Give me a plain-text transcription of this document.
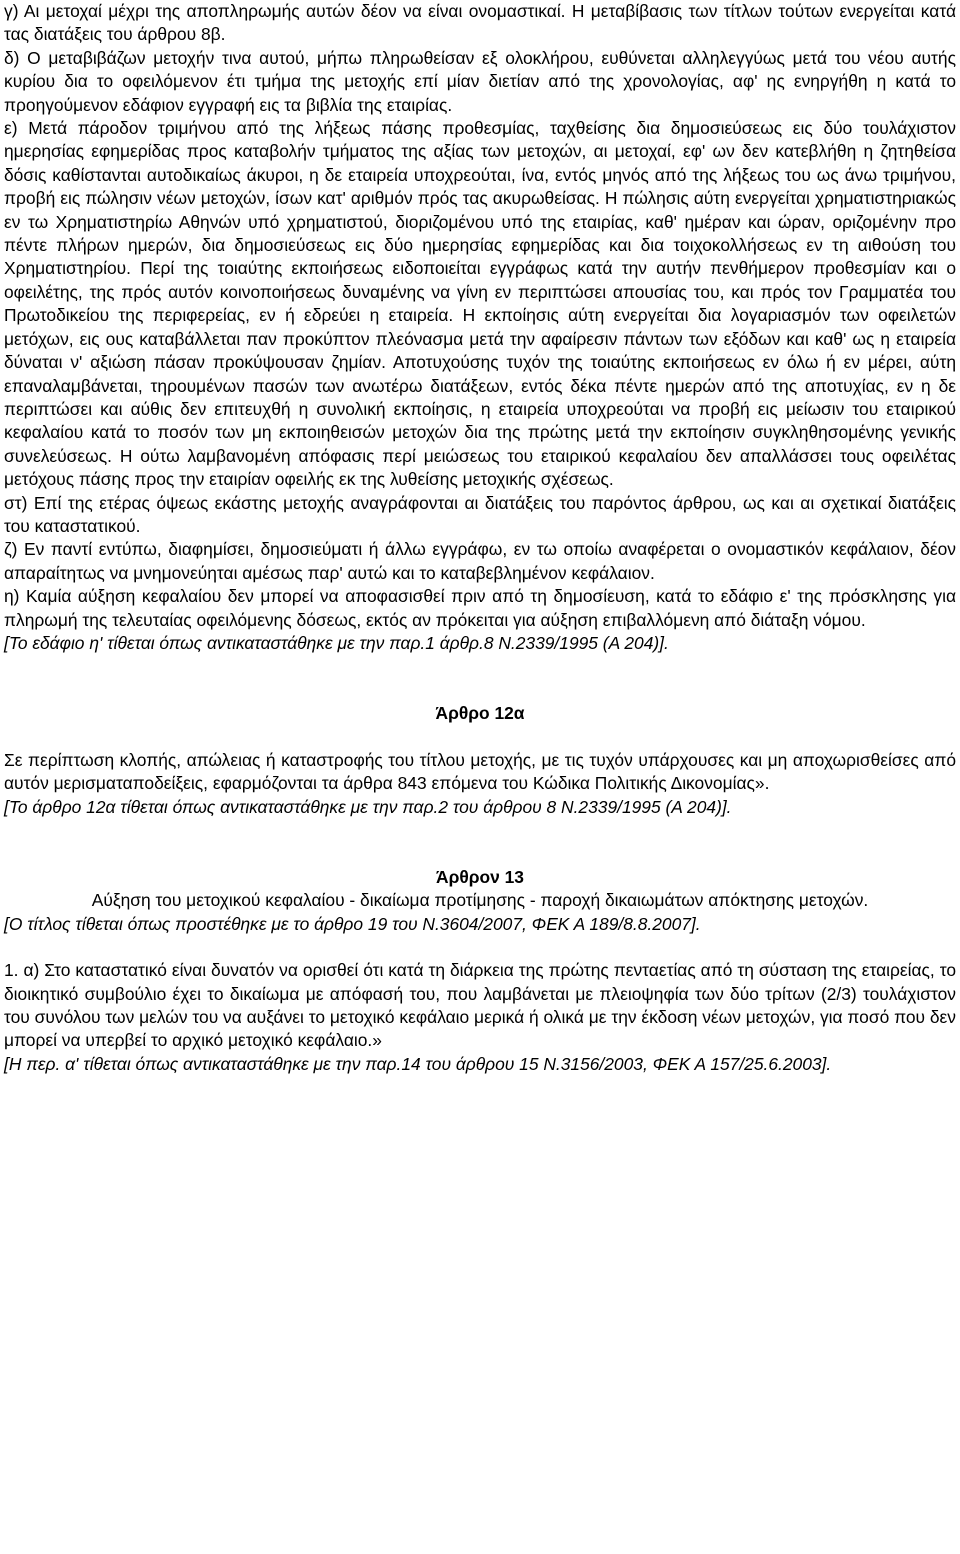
γ) Αι μετοχαί μέχρι της αποπληρωμής αυτών δέον να είναι ονομαστικαί. Η μεταβίβασις των τίτλων τούτων ενεργείται κατά τας διατάξεις του άρθρου 8β.

δ) Ο μεταβιβάζων μετοχήν τινα αυτού, μήπω πληρωθείσαν εξ ολοκλήρου, ευθύνεται αλληλεγγύως μετά του νέου αυτής κυρίου δια το οφειλόμενον έτι τμήμα της μετοχής επί μίαν διετίαν από της χρονολογίας, αφ' ης ενηργήθη η κατά το προηγούμενον εδάφιον εγγραφή εις τα βιβλία της εταιρίας.

ε) Μετά πάροδον τριμήνου από της λήξεως πάσης προθεσμίας, ταχθείσης δια δημοσιεύσεως εις δύο τουλάχιστον ημερησίας εφημερίδας προς καταβολήν τμήματος της αξίας των μετοχών, αι μετοχαί, εφ' ων δεν κατεβλήθη η ζητηθείσα δόσις καθίστανται αυτοδικαίως άκυροι, η δε εταιρεία υποχρεούται, ίνα, εντός μηνός από της λήξεως του ως άνω τριμήνου, προβή εις πώλησιν νέων μετοχών, ίσων κατ' αριθμόν πρός τας ακυρωθείσας. Η πώλησις αύτη ενεργείται χρηματιστηριακώς εν τω Χρηματιστηρίω Αθηνών υπό χρηματιστού, διοριζομένου υπό της εταιρίας, καθ' ημέραν και ώραν, οριζομένην προ πέντε πλήρων ημερών, δια δημοσιεύσεως εις δύο ημερησίας εφημερίδας και δια τοιχοκολλήσεως εν τη αιθούση του Χρηματιστηρίου. Περί της τοιαύτης εκποιήσεως ειδοποιείται εγγράφως κατά την αυτήν πενθήμερον προθεσμίαν και ο οφειλέτης, της πρός αυτόν κοινοποιήσεως δυναμένης να γίνη εν περιπτώσει απουσίας του, και πρός τον Γραμματέα του Πρωτοδικείου της περιφερείας, εν ή εδρεύει η εταιρεία. Η εκποίησις αύτη ενεργείται δια λογαριασμόν των οφειλετών μετόχων, εις ους καταβάλλεται παν προκύπτον πλεόνασμα μετά την αφαίρεσιν πάντων των εξόδων και καθ' ως η εταιρεία δύναται ν' αξιώση πάσαν προκύψουσαν ζημίαν. Αποτυχούσης τυχόν της τοιαύτης εκποιήσεως εν όλω ή εν μέρει, αύτη επαναλαμβάνεται, τηρουμένων πασών των ανωτέρω διατάξεων, εντός δέκα πέντε ημερών από της αποτυχίας, εν η δε περιπτώσει και αύθις δεν επιτευχθή η συνολική εκποίησις, η εταιρεία υποχρεούται να προβή εις μείωσιν του εταιρικού κεφαλαίου κατά το ποσόν των μη εκποιηθεισών μετοχών δια της πρώτης μετά την εκποίησιν συγκληθησομένης γενικής συνελεύσεως. Η ούτω λαμβανομένη απόφασις περί μειώσεως του εταιρικού κεφαλαίου δεν απαλλάσσει τους οφειλέτας μετόχους πάσης προς την εταιρίαν οφειλής εκ της λυθείσης μετοχικής σχέσεως.

στ) Επί της ετέρας όψεως εκάστης μετοχής αναγράφονται αι διατάξεις του παρόντος άρθρου, ως και αι σχετικαί διατάξεις του καταστατικού.

ζ) Εν παντί εντύπω, διαφημίσει, δημοσιεύματι ή άλλω εγγράφω, εν τω οποίω αναφέρεται ο ονομαστικόν κεφάλαιον, δέον απαραίτητως να μνημονεύηται αμέσως παρ' αυτώ και το καταβεβλημένον κεφάλαιον.

η) Καμία αύξηση κεφαλαίου δεν μπορεί να αποφασισθεί πριν από τη δημοσίευση, κατά το εδάφιο ε' της πρόσκλησης για πληρωμή της τελευταίας οφειλόμενης δόσεως, εκτός αν πρόκειται για αύξηση επιβαλλόμενη από διάταξη νόμου.

[Το εδάφιο η' τίθεται όπως αντικαταστάθηκε με την παρ.1 άρθρ.8 Ν.2339/1995 (Α 204)].

Άρθρο 12α

Σε περίπτωση κλοπής, απώλειας ή καταστροφής του τίτλου μετοχής, με τις τυχόν υπάρχουσες και μη αποχωρισθείσες από αυτόν μερισματαποδείξεις, εφαρμόζονται τα άρθρα 843 επόμενα του Κώδικα Πολιτικής Δικονομίας».

[Το άρθρο 12α τίθεται όπως αντικαταστάθηκε με την παρ.2 του άρθρου 8 Ν.2339/1995 (Α 204)].

Άρθρον 13

Αύξηση του μετοχικού κεφαλαίου - δικαίωμα προτίμησης - παροχή δικαιωμάτων απόκτησης μετοχών.

[Ο τίτλος τίθεται όπως προστέθηκε με το άρθρο 19 του Ν.3604/2007, ΦΕΚ Α 189/8.8.2007].

1. α) Στο καταστατικό είναι δυνατόν να ορισθεί ότι κατά τη διάρκεια της πρώτης πενταετίας από τη σύσταση της εταιρείας, το διοικητικό συμβούλιο έχει το δικαίωμα με απόφασή του, που λαμβάνεται με πλειοψηφία των δύο τρίτων (2/3) τουλάχιστον του συνόλου των μελών του να αυξάνει το μετοχικό κεφάλαιο μερικά ή ολικά με την έκδοση νέων μετοχών, για ποσό που δεν μπορεί να υπερβεί το αρχικό μετοχικό κεφάλαιο.»

[Η περ. α' τίθεται όπως αντικαταστάθηκε με την παρ.14 του άρθρου 15 Ν.3156/2003, ΦΕΚ Α 157/25.6.2003].
